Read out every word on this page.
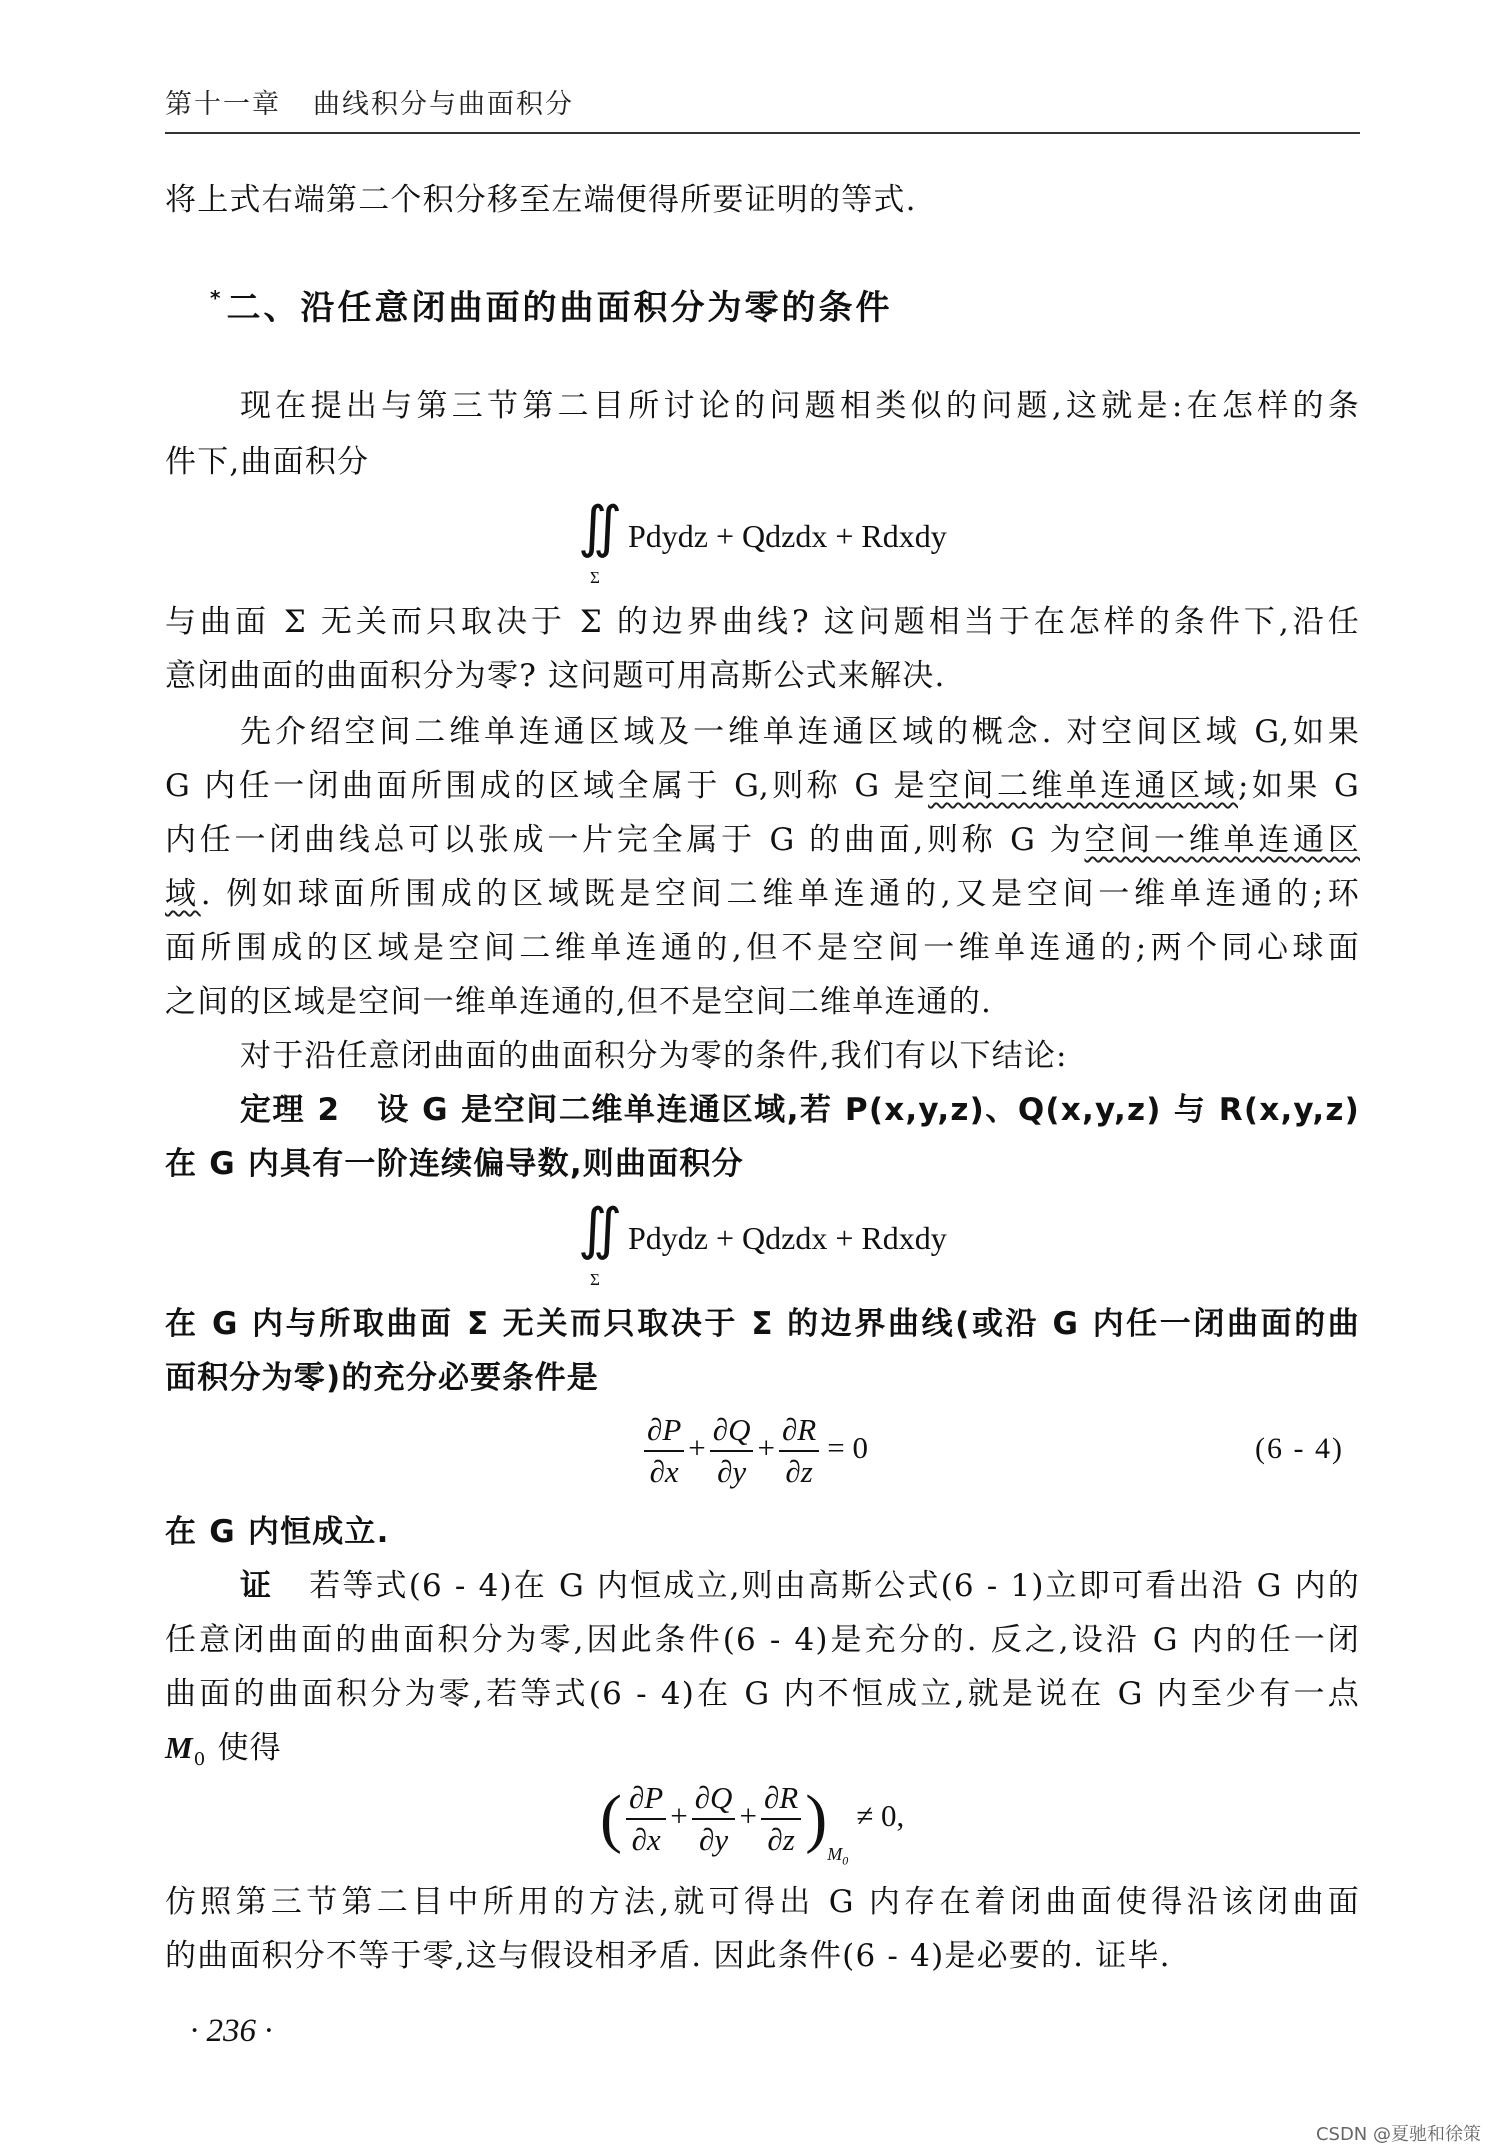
第十一章 曲线积分与曲面积分
将上式右端第二个积分移至左端便得所要证明的等式.
* 二、沿任意闭曲面的曲面积分为零的条件
现在提出与第三节第二目所讨论的问题相类似的问题,这就是:在怎样的条
件下,曲面积分
∬
Σ
Pdydz + Qdzdx + Rdxdy
与曲面 Σ 无关而只取决于 Σ 的边界曲线? 这问题相当于在怎样的条件下,沿任
意闭曲面的曲面积分为零? 这问题可用高斯公式来解决.
先介绍空间二维单连通区域及一维单连通区域的概念. 对空间区域 G,如果
G 内任一闭曲面所围成的区域全属于 G,则称 G 是空间二维单连通区域;如果 G
内任一闭曲线总可以张成一片完全属于 G 的曲面,则称 G 为空间一维单连通区
域. 例如球面所围成的区域既是空间二维单连通的,又是空间一维单连通的;环
面所围成的区域是空间二维单连通的,但不是空间一维单连通的;两个同心球面
之间的区域是空间一维单连通的,但不是空间二维单连通的.
对于沿任意闭曲面的曲面积分为零的条件,我们有以下结论:
定理 2 设 G 是空间二维单连通区域,若 P(x,y,z)、Q(x,y,z) 与 R(x,y,z)
在 G 内具有一阶连续偏导数,则曲面积分
∬
Σ
Pdydz + Qdzdx + Rdxdy
在 G 内与所取曲面 Σ 无关而只取决于 Σ 的边界曲线(或沿 G 内任一闭曲面的曲
面积分为零)的充分必要条件是
$\frac{\partial P}{\partial x} + \frac{\partial Q}{\partial y} + \frac{\partial R}{\partial z} = 0$	(6 - 4)
在 G 内恒成立.
证 若等式(6 - 4)在 G 内恒成立,则由高斯公式(6 - 1)立即可看出沿 G 内的
任意闭曲面的曲面积分为零,因此条件(6 - 4)是充分的. 反之,设沿 G 内的任一闭
曲面的曲面积分为零,若等式(6 - 4)在 G 内不恒成立,就是说在 G 内至少有一点
$M_0$ 使得
( $\frac{\partial P}{\partial x} + \frac{\partial Q}{\partial y} + \frac{\partial R}{\partial z} )_{M_0}\ne 0$,
仿照第三节第二目中所用的方法,就可得出 G 内存在着闭曲面使得沿该闭曲面
的曲面积分不等于零,这与假设相矛盾. 因此条件(6 - 4)是必要的. 证毕.
· 236 ·
CSDN @夏驰和徐策
